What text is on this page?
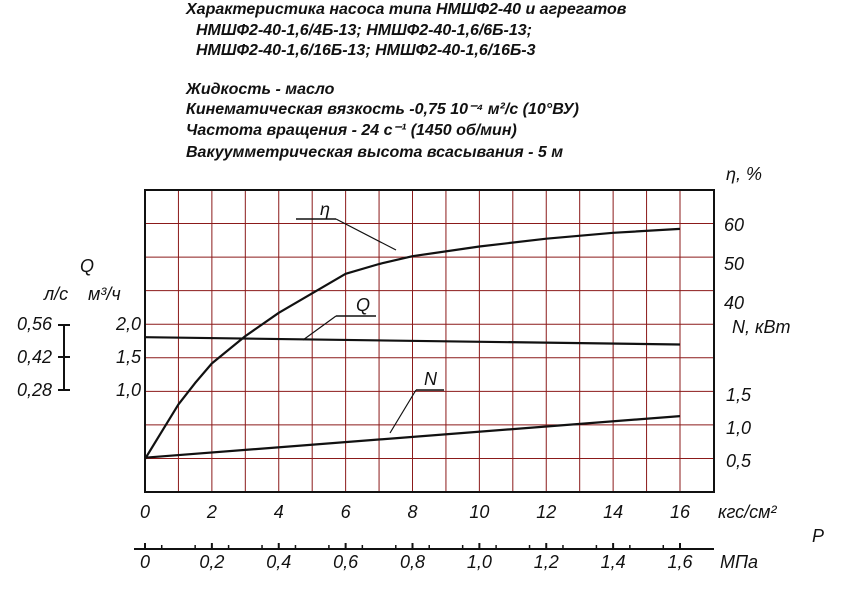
Характеристика насоса типа НМШФ2-40 и агрегатов

НМШФ2-40-1,6/4Б-13; НМШФ2-40-1,6/6Б-13;

НМШФ2-40-1,6/16Б-13; НМШФ2-40-1,6/16Б-3

Жидкость - масло

Кинематическая вязкость -0,75 10⁻⁴ м²/с (10°ВУ)

Частота вращения - 24 с⁻¹ (1450 об/мин)

Вакуумметрическая высота всасывания - 5 м

0	2	4	6	8	10	12	14	16
60
50
40
1,5
1,0
0,5
2,0
1,5
1,0
0,56
0,42
0,28
η, %
N, кВт
Q
л/с м³/ч
кгс/см²
P
МПа
0	0,2 0,4 0,6 0,8 1,0 1,2 1,4 1,6
η
Q
N
